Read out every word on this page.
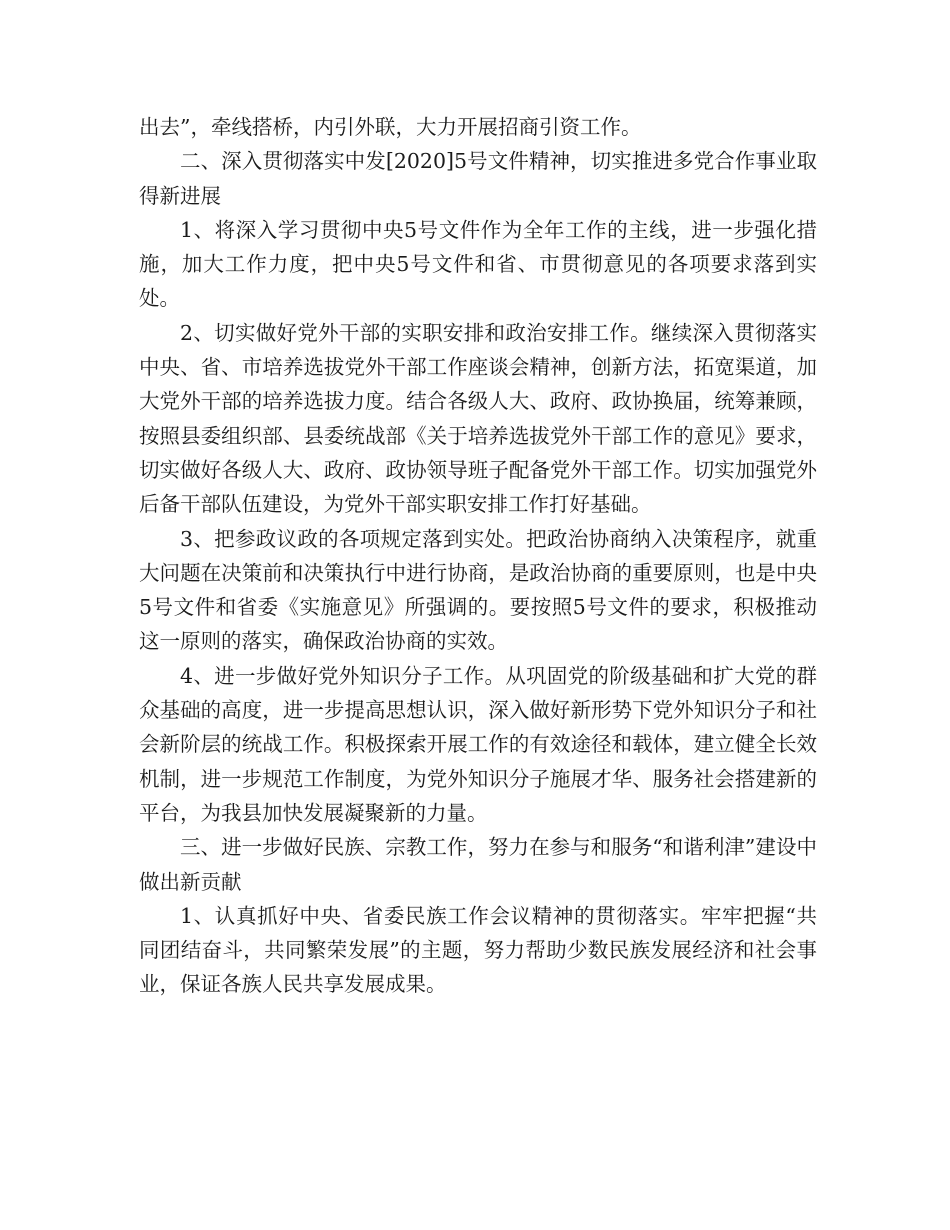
出去”，牵线搭桥，内引外联，大力开展招商引资工作。

二、深入贯彻落实中发[2020]5号文件精神，切实推进多党合作事业取得新进展

1、将深入学习贯彻中央5号文件作为全年工作的主线，进一步强化措施，加大工作力度，把中央5号文件和省、市贯彻意见的各项要求落到实处。

2、切实做好党外干部的实职安排和政治安排工作。继续深入贯彻落实中央、省、市培养选拔党外干部工作座谈会精神，创新方法，拓宽渠道，加大党外干部的培养选拔力度。结合各级人大、政府、政协换届，统筹兼顾，按照县委组织部、县委统战部《关于培养选拔党外干部工作的意见》要求，切实做好各级人大、政府、政协领导班子配备党外干部工作。切实加强党外后备干部队伍建设，为党外干部实职安排工作打好基础。

3、把参政议政的各项规定落到实处。把政治协商纳入决策程序，就重大问题在决策前和决策执行中进行协商，是政治协商的重要原则，也是中央5号文件和省委《实施意见》所强调的。要按照5号文件的要求，积极推动这一原则的落实，确保政治协商的实效。

4、进一步做好党外知识分子工作。从巩固党的阶级基础和扩大党的群众基础的高度，进一步提高思想认识，深入做好新形势下党外知识分子和社会新阶层的统战工作。积极探索开展工作的有效途径和载体，建立健全长效机制，进一步规范工作制度，为党外知识分子施展才华、服务社会搭建新的平台，为我县加快发展凝聚新的力量。

三、进一步做好民族、宗教工作，努力在参与和服务“和谐利津”建设中做出新贡献

1、认真抓好中央、省委民族工作会议精神的贯彻落实。牢牢把握“共同团结奋斗，共同繁荣发展”的主题，努力帮助少数民族发展经济和社会事业，保证各族人民共享发展成果。
